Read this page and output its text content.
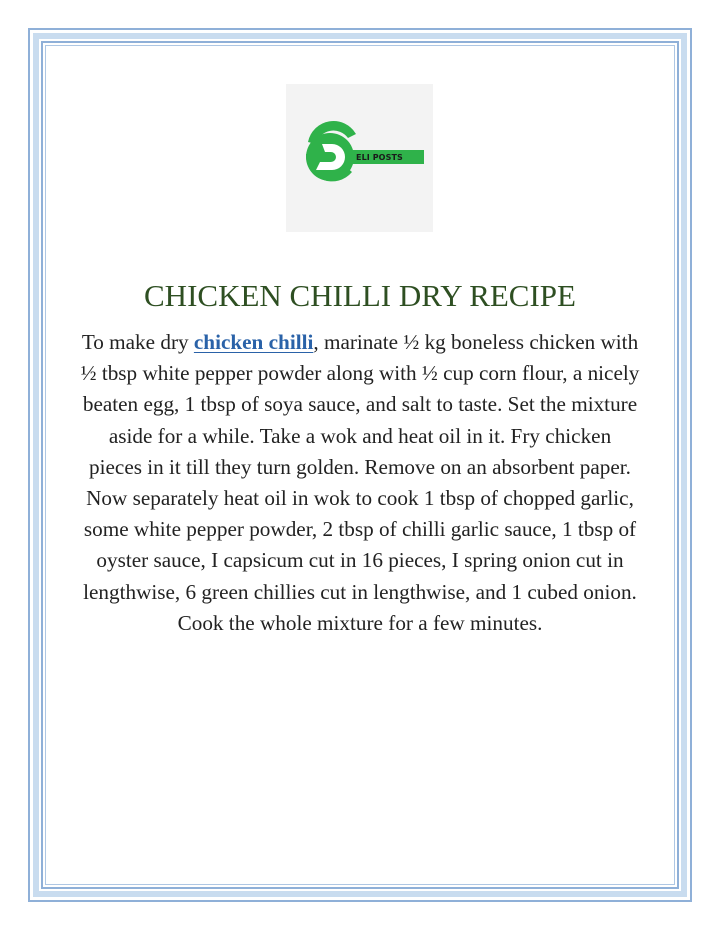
ELI POSTS
CHICKEN CHILLI DRY RECIPE

To make dry chicken chilli, marinate ½ kg boneless chicken with ½ tbsp white pepper powder along with ½ cup corn flour, a nicely beaten egg, 1 tbsp of soya sauce, and salt to taste. Set the mixture aside for a while. Take a wok and heat oil in it. Fry chicken pieces in it till they turn golden. Remove on an absorbent paper. Now separately heat oil in wok to cook 1 tbsp of chopped garlic, some white pepper powder, 2 tbsp of chilli garlic sauce, 1 tbsp of oyster sauce, I capsicum cut in 16 pieces, I spring onion cut in lengthwise, 6 green chillies cut in lengthwise, and 1 cubed onion. Cook the whole mixture for a few minutes.
